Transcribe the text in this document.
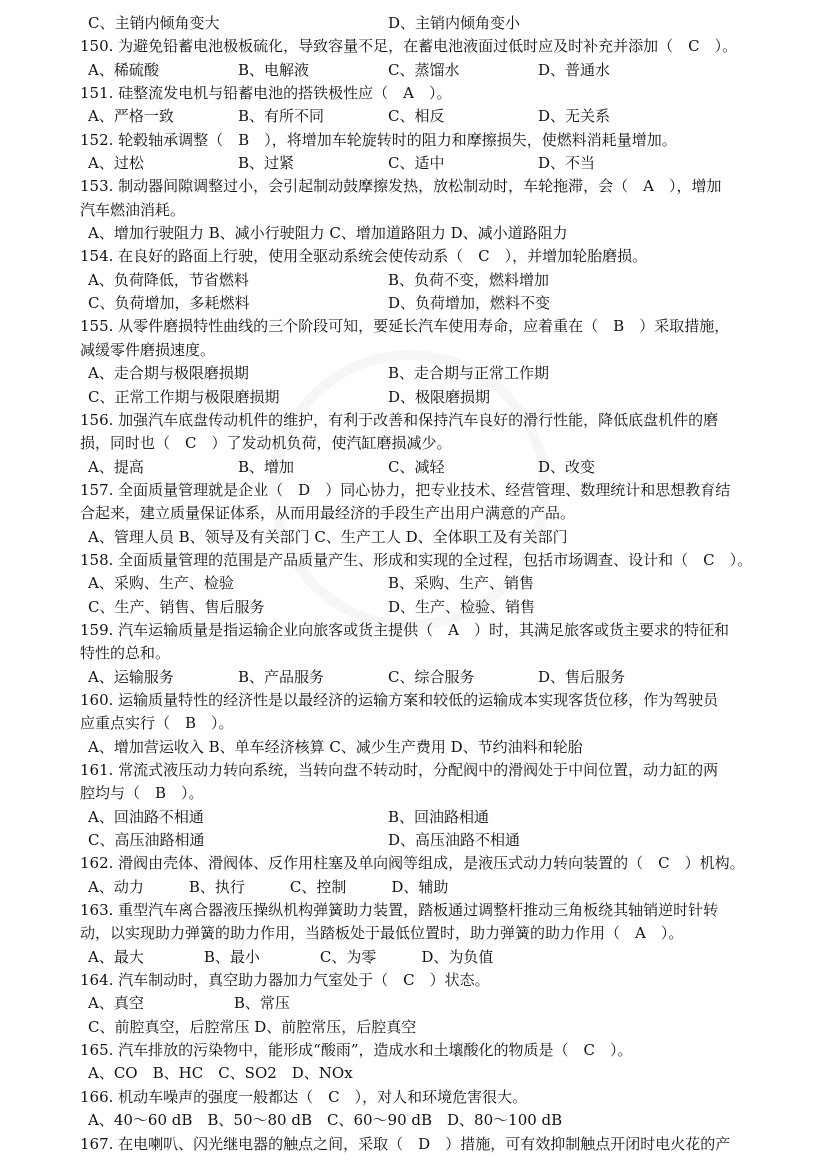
C、主销内倾角变大	D、主销内倾角变小
150. 为避免铅蓄电池极板硫化，导致容量不足，在蓄电池液面过低时应及时补充并添加（　C　）。
A、稀硫酸	B、电解液	C、蒸馏水	D、普通水
151. 硅整流发电机与铅蓄电池的搭铁极性应（　A　）。
A、严格一致	B、有所不同	C、相反	D、无关系
152. 轮毂轴承调整（　B　），将增加车轮旋转时的阻力和摩擦损失，使燃料消耗量增加。
A、过松	B、过紧	C、适中	D、不当
153. 制动器间隙调整过小，会引起制动鼓摩擦发热，放松制动时，车轮拖滞，会（　A　），增加
汽车燃油消耗。
A、增加行驶阻力 B、减小行驶阻力 C、增加道路阻力 D、减小道路阻力
154. 在良好的路面上行驶，使用全驱动系统会使传动系（　C　），并增加轮胎磨损。
A、负荷降低，节省燃料	B、负荷不变，燃料增加
C、负荷增加，多耗燃料	D、负荷增加，燃料不变
155. 从零件磨损特性曲线的三个阶段可知，要延长汽车使用寿命，应着重在（　B　）采取措施，
减缓零件磨损速度。
A、走合期与极限磨损期	B、走合期与正常工作期
C、正常工作期与极限磨损期	D、极限磨损期
156. 加强汽车底盘传动机件的维护，有利于改善和保持汽车良好的滑行性能，降低底盘机件的磨
损，同时也（　C　）了发动机负荷，使汽缸磨损减少。
A、提高	B、增加	C、减轻	D、改变
157. 全面质量管理就是企业（　D　）同心协力，把专业技术、经营管理、数理统计和思想教育结
合起来，建立质量保证体系，从而用最经济的手段生产出用户满意的产品。
A、管理人员 B、领导及有关部门 C、生产工人 D、全体职工及有关部门
158. 全面质量管理的范围是产品质量产生、形成和实现的全过程，包括市场调查、设计和（　C　）。
A、采购、生产、检验	B、采购、生产、销售
C、生产、销售、售后服务	D、生产、检验、销售
159. 汽车运输质量是指运输企业向旅客或货主提供（　A　）时，其满足旅客或货主要求的特征和
特性的总和。
A、运输服务	B、产品服务	C、综合服务	D、售后服务
160. 运输质量特性的经济性是以最经济的运输方案和较低的运输成本实现客货位移，作为驾驶员
应重点实行（　B　）。
A、增加营运收入 B、单车经济核算 C、减少生产费用 D、节约油料和轮胎
161. 常流式液压动力转向系统，当转向盘不转动时，分配阀中的滑阀处于中间位置，动力缸的两
腔均与（　B　）。
A、回油路不相通	B、回油路相通
C、高压油路相通	D、高压油路不相通
162. 滑阀由壳体、滑阀体、反作用柱塞及单向阀等组成，是液压式动力转向装置的（　C　）机构。
A、动力　　　B、执行　　　C、控制　　　D、辅助
163. 重型汽车离合器液压操纵机构弹簧助力装置，踏板通过调整杆推动三角板绕其轴销逆时针转
动，以实现助力弹簧的助力作用，当踏板处于最低位置时，助力弹簧的助力作用（　A　）。
A、最大　　　　B、最小　　　　C、为零　　　D、为负值
164. 汽车制动时，真空助力器加力气室处于（　C　）状态。
A、真空　　　　　　B、常压
C、前腔真空，后腔常压 D、前腔常压，后腔真空
165. 汽车排放的污染物中，能形成“酸雨”，造成水和土壤酸化的物质是（　C　）。
A、CO　B、HC　C、SO2　D、NOx
166. 机动车噪声的强度一般都达（　C　），对人和环境危害很大。
A、40～60 dB　B、50～80 dB　C、60～90 dB　D、80～100 dB
167. 在电喇叭、闪光继电器的触点之间，采取（　D　）措施，可有效抑制触点开闭时电火花的产
